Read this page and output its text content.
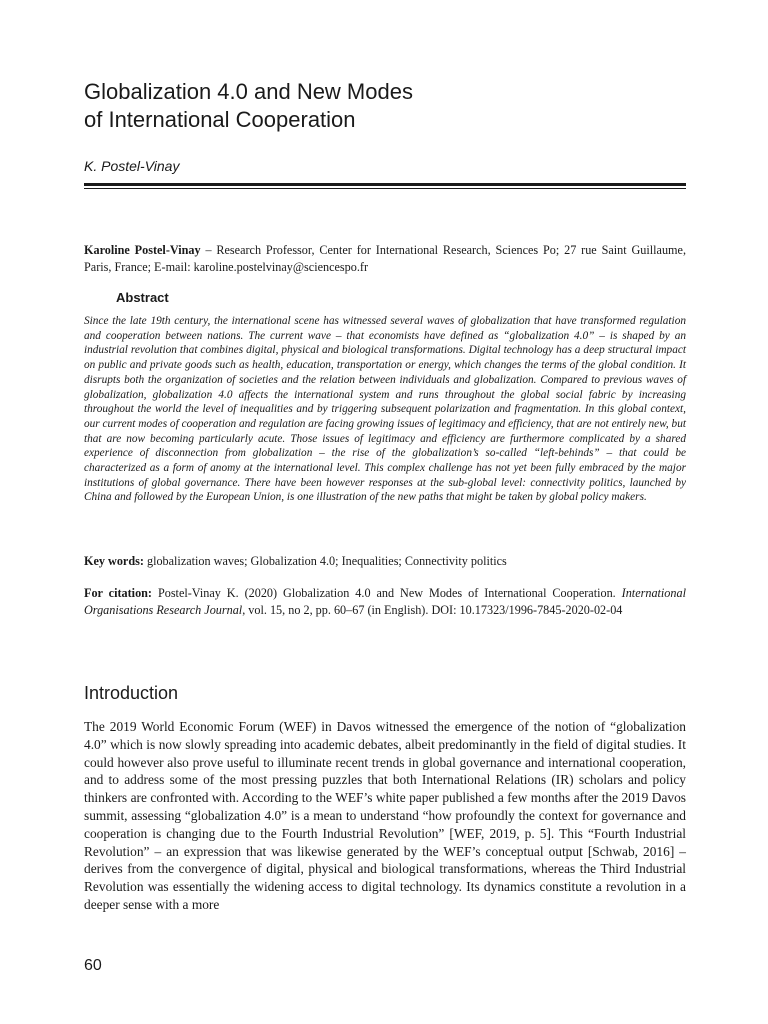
Globalization 4.0 and New Modes
of International Cooperation
K. Postel-Vinay

Karoline Postel-Vinay – Research Professor, Center for International Research, Sciences Po; 27 rue Saint Guillaume, Paris, France; E-mail: karoline.postelvinay@sciencespo.fr

Abstract

Since the late 19th century, the international scene has witnessed several waves of globalization that have transformed regulation and cooperation between nations. The current wave – that economists have defined as “globalization 4.0” – is shaped by an industrial revolution that combines digital, physical and biological transformations. Digital technology has a deep structural impact on public and private goods such as health, education, transportation or energy, which changes the terms of the global condition. It disrupts both the organization of societies and the relation between individuals and globalization. Compared to previous waves of globalization, globalization 4.0 affects the international system and runs throughout the global social fabric by increasing throughout the world the level of inequalities and by triggering subsequent polarization and fragmentation. In this global context, our current modes of cooperation and regulation are facing growing issues of legitimacy and efficiency, that are not entirely new, but that are now becoming particularly acute. Those issues of legitimacy and efficiency are furthermore complicated by a shared experience of disconnection from globalization – the rise of the globalization’s so-called “left-behinds” – that could be characterized as a form of anomy at the international level. This complex challenge has not yet been fully embraced by the major institutions of global governance. There have been however responses at the sub-global level: connectivity politics, launched by China and followed by the European Union, is one illustration of the new paths that might be taken by global policy makers.

Key words: globalization waves; Globalization 4.0; Inequalities; Connectivity politics

For citation: Postel-Vinay K. (2020) Globalization 4.0 and New Modes of International Cooperation. International Organisations Research Journal, vol. 15, no 2, pp. 60–67 (in English). DOI: 10.17323/1996-7845-2020-02-04

Introduction

The 2019 World Economic Forum (WEF) in Davos witnessed the emergence of the notion of “globalization 4.0” which is now slowly spreading into academic debates, albeit predominantly in the field of digital studies. It could however also prove useful to illuminate recent trends in global governance and international cooperation, and to address some of the most pressing puzzles that both International Relations (IR) scholars and policy thinkers are confronted with. According to the WEF’s white paper published a few months after the 2019 Davos summit, assessing “globalization 4.0” is a mean to understand “how profoundly the context for governance and cooperation is changing due to the Fourth Industrial Revolution” [WEF, 2019, p. 5]. This “Fourth Industrial Revolution” – an expression that was likewise generated by the WEF’s conceptual output [Schwab, 2016] – derives from the convergence of digital, physical and biological transformations, whereas the Third Industrial Revolution was essentially the widening access to digital technology. Its dynamics constitute a revolution in a deeper sense with a more

60
